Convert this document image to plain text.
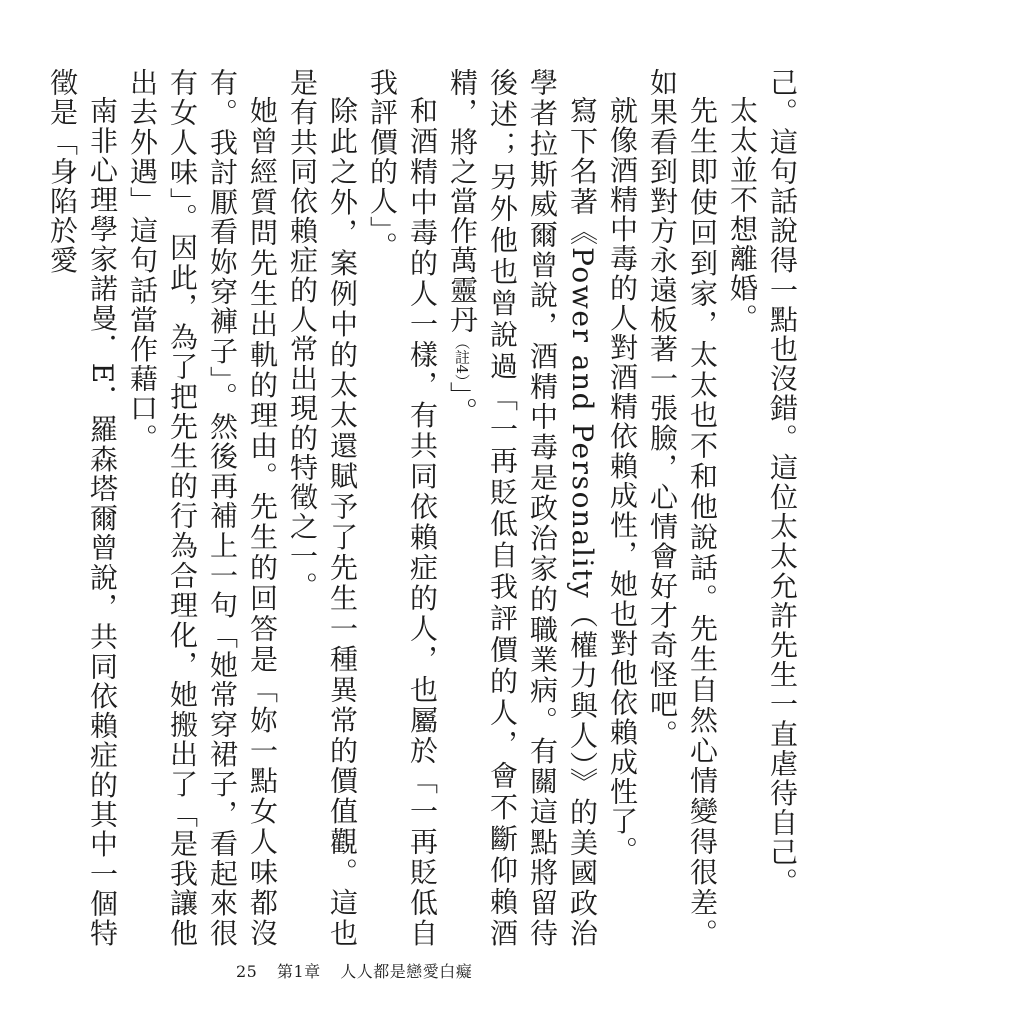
己。這句話說得一點也沒錯。這位太太允許先生一直虐待自己。

太太並不想離婚。

先生即使回到家，太太也不和他說話。先生自然心情變得很差。如果看到對方永遠板著一張臉，心情會好才奇怪吧。

就像酒精中毒的人對酒精依賴成性，她也對他依賴成性了。

寫下名著《Power and Personality（權力與人）》的美國政治學者拉斯威爾曾說，酒精中毒是政治家的職業病。有關這點將留待後述；另外他也曾說過「一再貶低自我評價的人，會不斷仰賴酒精，將之當作萬靈丹（註4）」。

和酒精中毒的人一樣，有共同依賴症的人，也屬於「一再貶低自我評價的人」。

除此之外，案例中的太太還賦予了先生一種異常的價值觀。這也是有共同依賴症的人常出現的特徵之一。

她曾經質問先生出軌的理由。先生的回答是「妳一點女人味都沒有。我討厭看妳穿褲子」。然後再補上一句「她常穿裙子，看起來很有女人味」。因此，為了把先生的行為合理化，她搬出了「是我讓他出去外遇」這句話當作藉口。

南非心理學家諾曼．E．羅森塔爾曾說，共同依賴症的其中一個特徵是「身陷於愛

25 第1章 人人都是戀愛白癡
